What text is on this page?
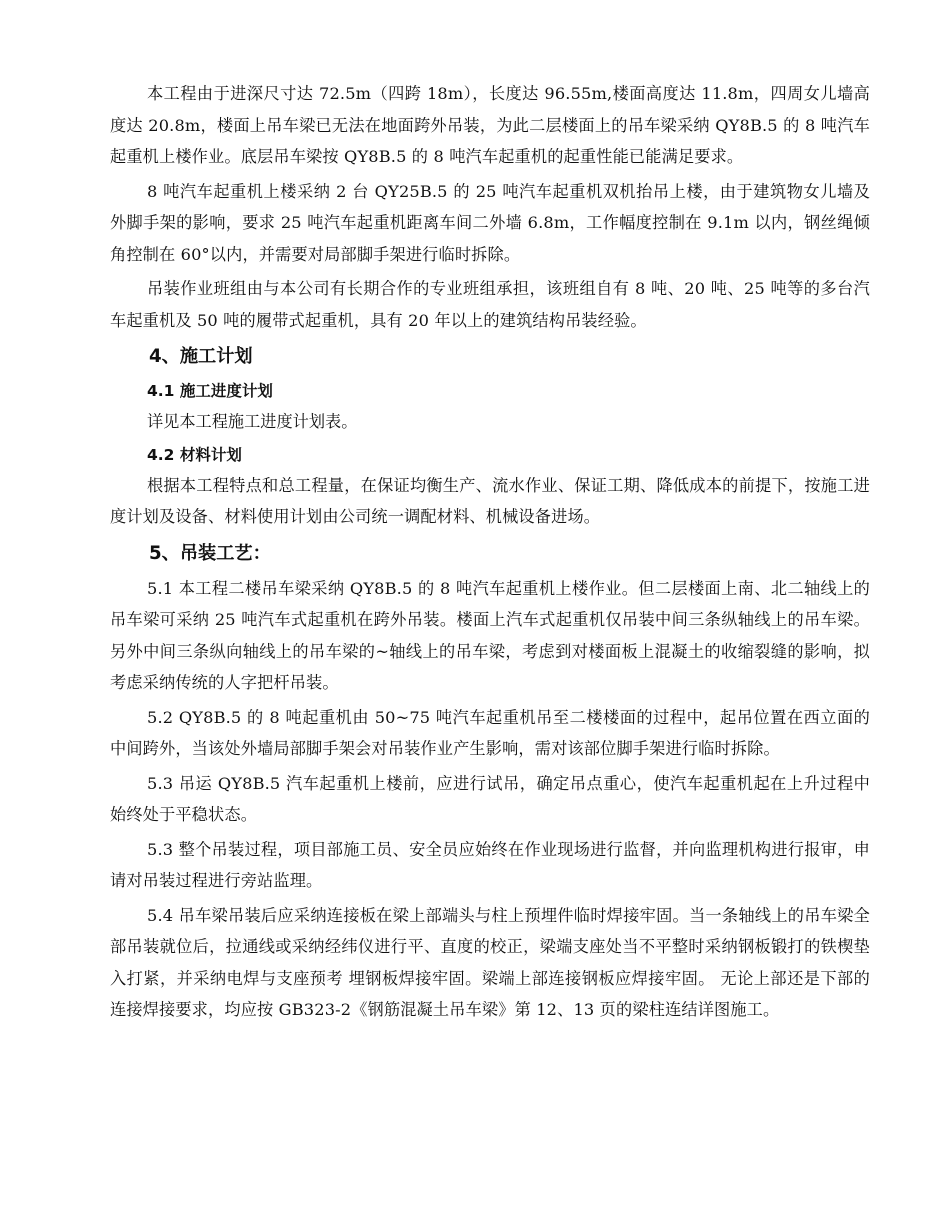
本工程由于进深尺寸达 72.5m（四跨 18m），长度达 96.55m,楼面高度达 11.8m，四周女儿墙高度达 20.8m，楼面上吊车梁已无法在地面跨外吊装，为此二层楼面上的吊车梁采纳 QY8B.5 的 8 吨汽车起重机上楼作业。底层吊车梁按 QY8B.5 的 8 吨汽车起重机的起重性能已能满足要求。

8 吨汽车起重机上楼采纳 2 台 QY25B.5 的 25 吨汽车起重机双机抬吊上楼，由于建筑物女儿墙及外脚手架的影响，要求 25 吨汽车起重机距离车间二外墙 6.8m，工作幅度控制在 9.1m 以内，钢丝绳倾角控制在 60°以内，并需要对局部脚手架进行临时拆除。

吊装作业班组由与本公司有长期合作的专业班组承担，该班组自有 8 吨、20 吨、25 吨等的多台汽车起重机及 50 吨的履带式起重机，具有 20 年以上的建筑结构吊装经验。

4、施工计划
4.1 施工进度计划

详见本工程施工进度计划表。

4.2 材料计划

根据本工程特点和总工程量，在保证均衡生产、流水作业、保证工期、降低成本的前提下，按施工进度计划及设备、材料使用计划由公司统一调配材料、机械设备进场。

5、吊装工艺：

5.1 本工程二楼吊车梁采纳 QY8B.5 的 8 吨汽车起重机上楼作业。但二层楼面上南、北二轴线上的吊车梁可采纳 25 吨汽车式起重机在跨外吊装。楼面上汽车式起重机仅吊装中间三条纵轴线上的吊车梁。另外中间三条纵向轴线上的吊车梁的~轴线上的吊车梁，考虑到对楼面板上混凝土的收缩裂缝的影响，拟考虑采纳传统的人字把杆吊装。

5.2 QY8B.5 的 8 吨起重机由 50~75 吨汽车起重机吊至二楼楼面的过程中，起吊位置在西立面的中间跨外，当该处外墙局部脚手架会对吊装作业产生影响，需对该部位脚手架进行临时拆除。

5.3 吊运 QY8B.5 汽车起重机上楼前，应进行试吊，确定吊点重心，使汽车起重机起在上升过程中始终处于平稳状态。

5.3 整个吊装过程，项目部施工员、安全员应始终在作业现场进行监督，并向监理机构进行报审，申请对吊装过程进行旁站监理。

5.4 吊车梁吊装后应采纳连接板在梁上部端头与柱上预埋件临时焊接牢固。当一条轴线上的吊车梁全部吊装就位后，拉通线或采纳经纬仪进行平、直度的校正，梁端支座处当不平整时采纳钢板锻打的铁楔垫入打紧，并采纳电焊与支座预考 埋钢板焊接牢固。梁端上部连接钢板应焊接牢固。 无论上部还是下部的连接焊接要求，均应按 GB323-2《钢筋混凝土吊车梁》第 12、13 页的梁柱连结详图施工。
